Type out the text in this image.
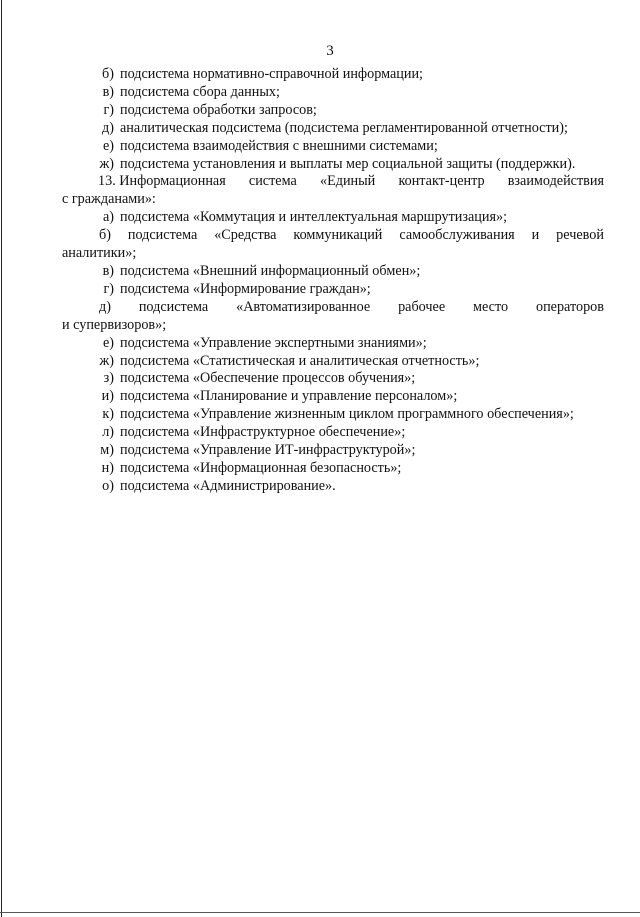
3
б) подсистема нормативно-справочной информации;
в) подсистема сбора данных;
г) подсистема обработки запросов;
д) аналитическая подсистема (подсистема регламентированной отчетности);
е) подсистема взаимодействия с внешними системами;
ж) подсистема установления и выплаты мер социальной защиты (поддержки).
13. Информационная система «Единый контакт-центр взаимодействия
с гражданами»:
а) подсистема «Коммутация и интеллектуальная маршрутизация»;
б) подсистема «Средства коммуникаций самообслуживания и речевой
аналитики»;
в) подсистема «Внешний информационный обмен»;
г) подсистема «Информирование граждан»;
д) подсистема «Автоматизированное рабочее место операторов
и супервизоров»;
е) подсистема «Управление экспертными знаниями»;
ж) подсистема «Статистическая и аналитическая отчетность»;
з) подсистема «Обеспечение процессов обучения»;
и) подсистема «Планирование и управление персоналом»;
к) подсистема «Управление жизненным циклом программного обеспечения»;
л) подсистема «Инфраструктурное обеспечение»;
м) подсистема «Управление ИТ-инфраструктурой»;
н) подсистема «Информационная безопасность»;
о) подсистема «Администрирование».
